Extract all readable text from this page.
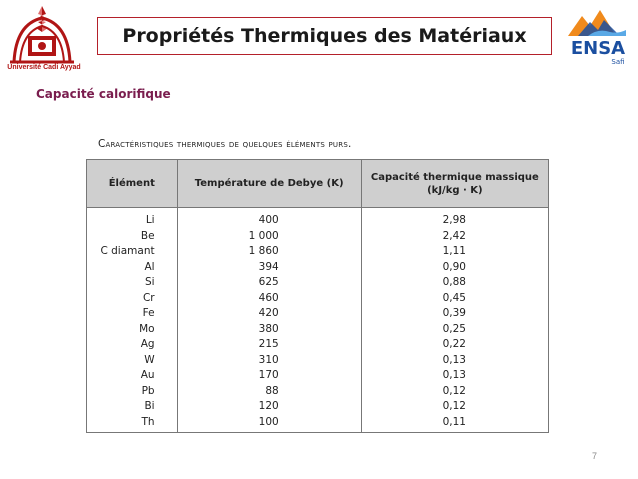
Université Cadi Ayyad
Propriétés Thermiques des Matériaux
ENSA
Safi
Capacité calorifique
Caractéristiques thermiques de quelques éléments purs.
Élément	Température de Debye (K)	Capacité thermique massique
(kJ/kg · K)
Li	400	2,98
Be	1 000	2,42
C diamant	1 860	1,11
Al	394	0,90
Si	625	0,88
Cr	460	0,45
Fe	420	0,39
Mo	380	0,25
Ag	215	0,22
W	310	0,13
Au	170	0,13
Pb	88	0,12
Bi	120	0,12
Th	100	0,11
7
